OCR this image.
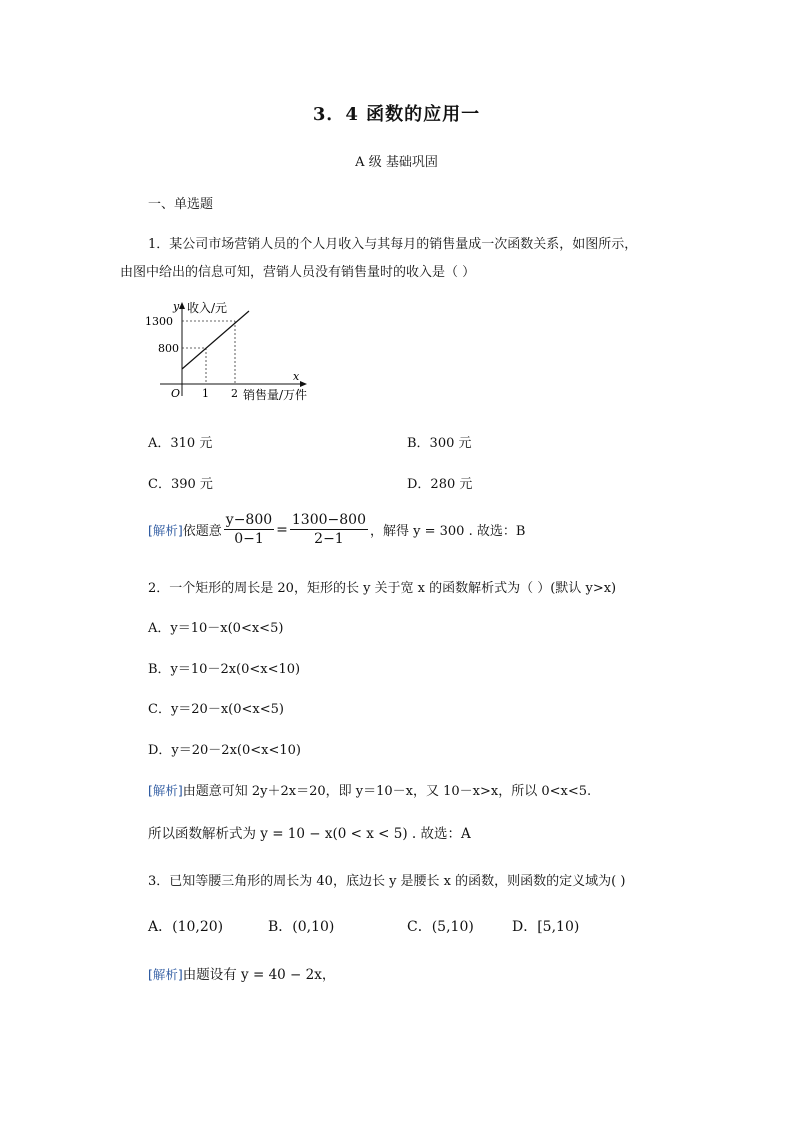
3．4 函数的应用一
A 级 基础巩固
一、单选题
1．某公司市场营销人员的个人月收入与其每月的销售量成一次函数关系，如图所示，
由图中给出的信息可知，营销人员没有销售量时的收入是（ ）
y 收入/元
1300
800
O 1 2
x
销售量/万件
A．310 元	B．300 元
C．390 元	D．280 元
[解析] 依题意 $\frac{y-800}{0-1} = \frac{1300-800}{2-1}$ ，解得 y = 300 . 故选：B
2．一个矩形的周长是 20，矩形的长 y 关于宽 x 的函数解析式为（ ）(默认 y>x)
A．y＝10－x(0<x<5)
B．y＝10－2x(0<x<10)
C．y＝20－x(0<x<5)
D．y＝20－2x(0<x<10)
[解析]由题意可知 2y＋2x＝20，即 y＝10－x，又 10－x>x，所以 0<x<5.
所以函数解析式为 y = 10 − x(0 < x < 5) . 故选：A
3．已知等腰三角形的周长为 40，底边长 y 是腰长 x 的函数，则函数的定义域为( )
A．(10,20)	B．(0,10)	C．(5,10)	D．[5,10)
[解析]由题设有 y = 40 − 2x，
